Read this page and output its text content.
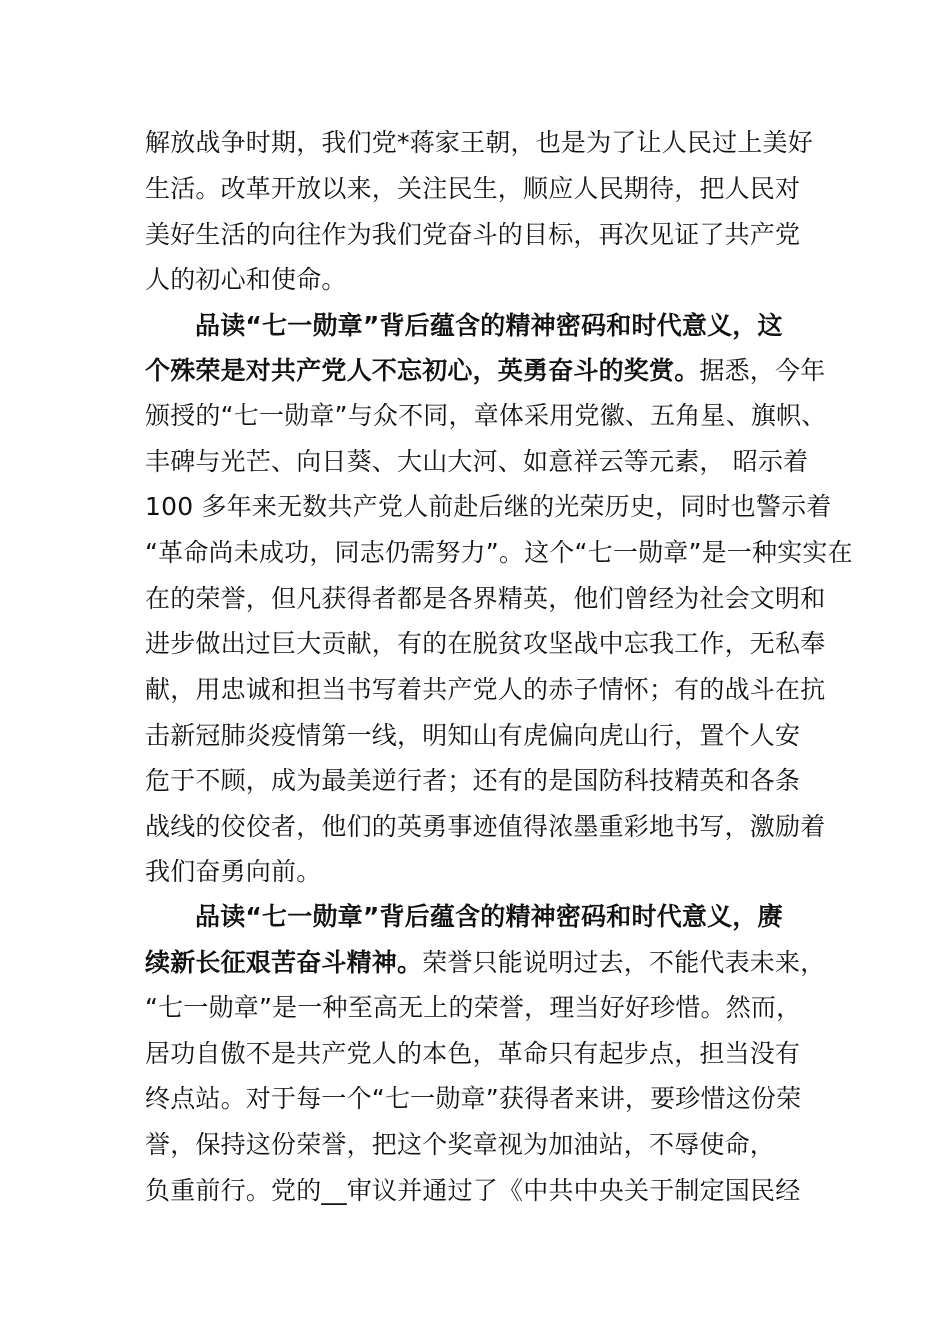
解放战争时期，我们党*蒋家王朝，也是为了让人民过上美好
生活。改革开放以来，关注民生，顺应人民期待，把人民对
美好生活的向往作为我们党奋斗的目标，再次见证了共产党
人的初心和使命。
品读“七一勋章”背后蕴含的精神密码和时代意义，这
个殊荣是对共产党人不忘初心，英勇奋斗的奖赏。据悉，今年
颁授的“七一勋章”与众不同，章体采用党徽、五角星、旗帜、
丰碑与光芒、向日葵、大山大河、如意祥云等元素， 昭示着
100 多年来无数共产党人前赴后继的光荣历史，同时也警示着
“革命尚未成功，同志仍需努力”。这个“七一勋章”是一种实实在
在的荣誉，但凡获得者都是各界精英，他们曾经为社会文明和
进步做出过巨大贡献，有的在脱贫攻坚战中忘我工作，无私奉
献，用忠诚和担当书写着共产党人的赤子情怀；有的战斗在抗
击新冠肺炎疫情第一线，明知山有虎偏向虎山行，置个人安
危于不顾，成为最美逆行者；还有的是国防科技精英和各条
战线的佼佼者，他们的英勇事迹值得浓墨重彩地书写，激励着
我们奋勇向前。
品读“七一勋章”背后蕴含的精神密码和时代意义，赓
续新长征艰苦奋斗精神。荣誉只能说明过去，不能代表未来，
“七一勋章”是一种至高无上的荣誉，理当好好珍惜。然而，
居功自傲不是共产党人的本色，革命只有起步点，担当没有
终点站。对于每一个“七一勋章”获得者来讲，要珍惜这份荣
誉，保持这份荣誉，把这个奖章视为加油站，不辱使命，
负重前行。党的__审议并通过了《中共中央关于制定国民经
